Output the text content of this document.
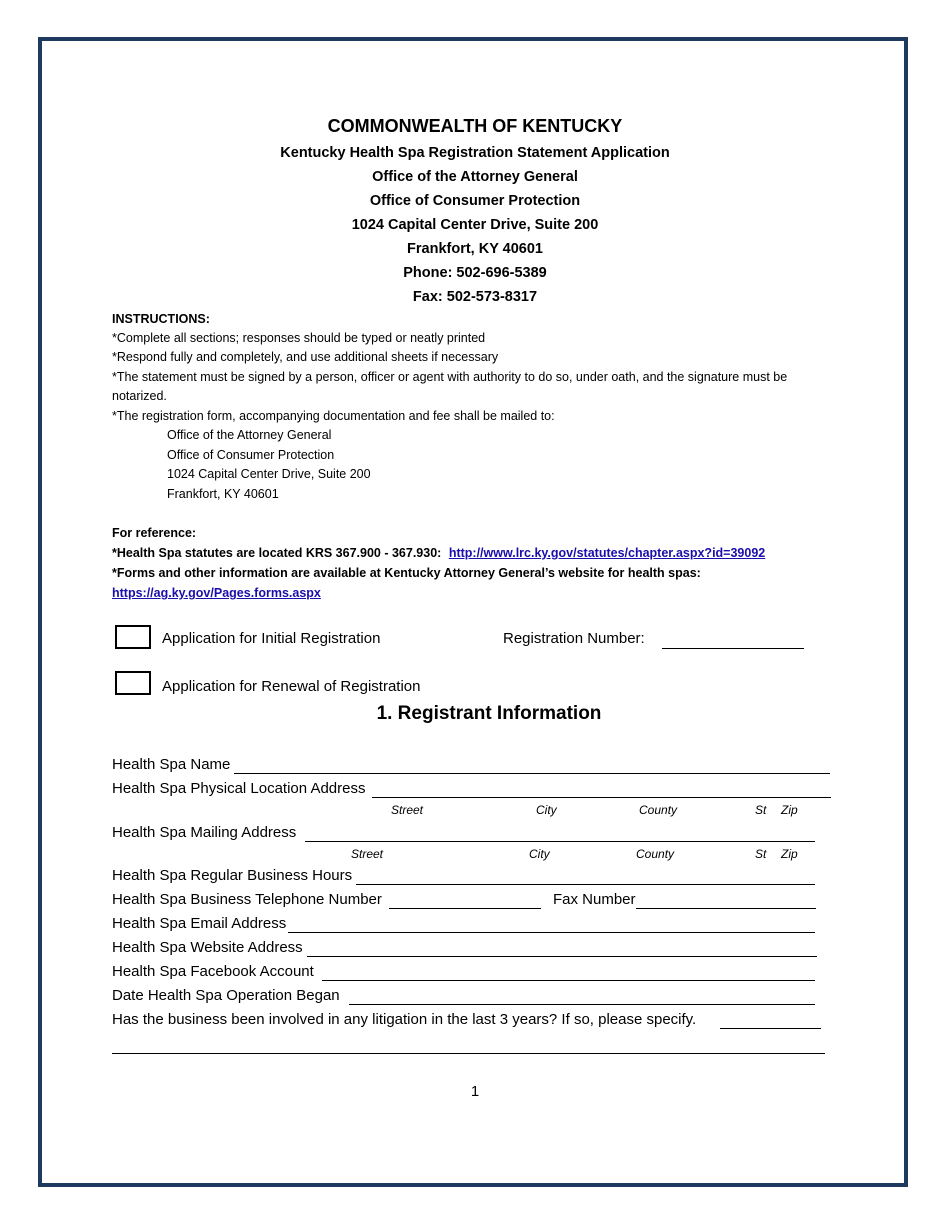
COMMONWEALTH OF KENTUCKY
Kentucky Health Spa Registration Statement Application
Office of the Attorney General
Office of Consumer Protection
1024 Capital Center Drive, Suite 200
Frankfort, KY 40601
Phone: 502-696-5389
Fax: 502-573-8317
INSTRUCTIONS:
*Complete all sections; responses should be typed or neatly printed
*Respond fully and completely, and use additional sheets if necessary
*The statement must be signed by a person, officer or agent with authority to do so, under oath, and the signature must be
notarized.
*The registration form, accompanying documentation and fee shall be mailed to:
Office of the Attorney General
Office of Consumer Protection
1024 Capital Center Drive, Suite 200
Frankfort, KY 40601
For reference:
*Health Spa statutes are located KRS 367.900 - 367.930: http://www.lrc.ky.gov/statutes/chapter.aspx?id=39092
*Forms and other information are available at Kentucky Attorney General’s website for health spas:
https://ag.ky.gov/Pages.forms.aspx
Application for Initial Registration	Registration Number:
Application for Renewal of Registration
1. Registrant Information
Health Spa Name
Health Spa Physical Location Address
Street	City	County	St Zip
Health Spa Mailing Address
Street	City	County	St Zip
Health Spa Regular Business Hours
Health Spa Business Telephone Number	Fax Number
Health Spa Email Address
Health Spa Website Address
Health Spa Facebook Account
Date Health Spa Operation Began
Has the business been involved in any litigation in the last 3 years? If so, please specify.
1
